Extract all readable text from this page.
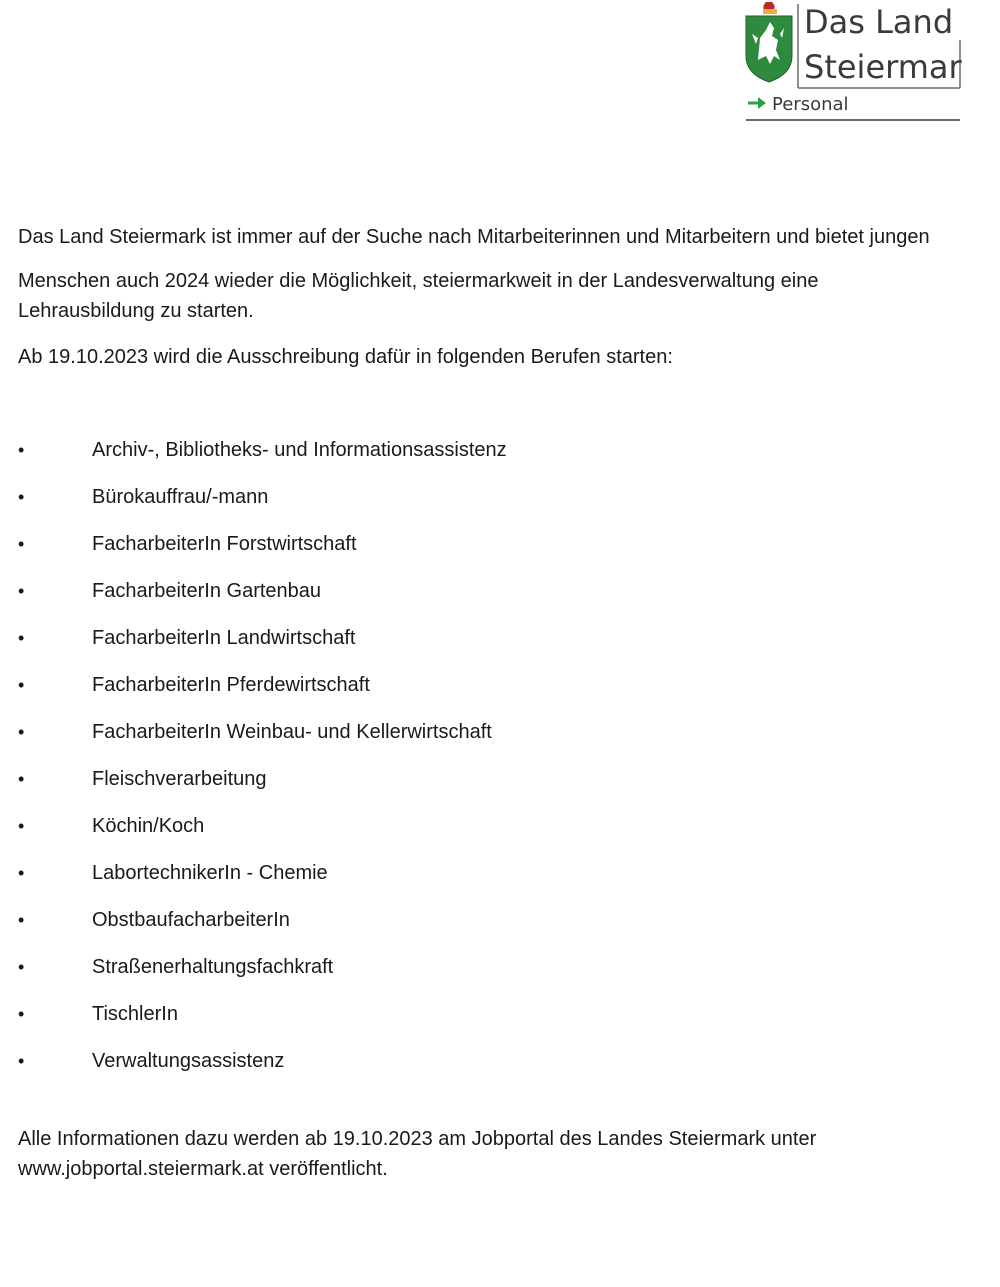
Das Land
Steiermark
Personal

Das Land Steiermark ist immer auf der Suche nach Mitarbeiterinnen und Mitarbeitern und bietet jungen

Menschen auch 2024 wieder die Möglichkeit, steiermarkweit in der Landesverwaltung eine Lehrausbildung zu starten.

Ab 19.10.2023 wird die Ausschreibung dafür in folgenden Berufen starten:

•	Archiv-, Bibliotheks- und Informationsassistenz
•	Bürokauffrau/-mann
•	FacharbeiterIn Forstwirtschaft
•	FacharbeiterIn Gartenbau
•	FacharbeiterIn Landwirtschaft
•	FacharbeiterIn Pferdewirtschaft
•	FacharbeiterIn Weinbau- und Kellerwirtschaft
•	Fleischverarbeitung
•	Köchin/Koch
•	LabortechnikerIn - Chemie
•	ObstbaufacharbeiterIn
•	Straßenerhaltungsfachkraft
•	TischlerIn
•	Verwaltungsassistenz

Alle Informationen dazu werden ab 19.10.2023 am Jobportal des Landes Steiermark unter www.jobportal.steiermark.at veröffentlicht.
